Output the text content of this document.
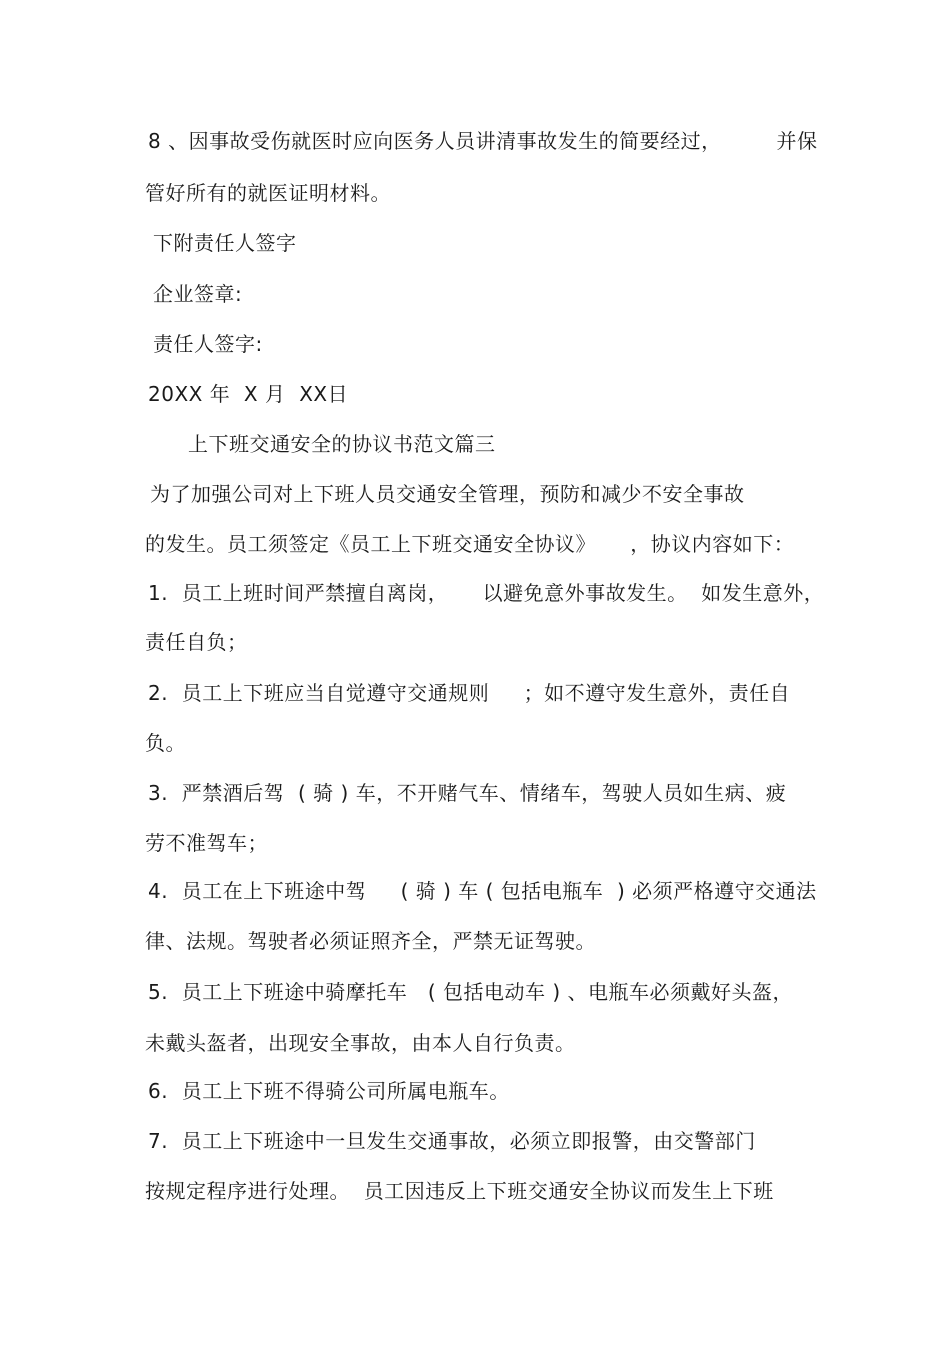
8 、因事故受伤就医时应向医务人员讲清事故发生的简要经过，        并保
管好所有的就医证明材料。
下附责任人签字
企业签章:
责任人签字:
20XX 年  X 月  XX日
上下班交通安全的协议书范文篇三
为了加强公司对上下班人员交通安全管理，预防和减少不安全事故
的发生。员工须签定《员工上下班交通安全协议》     ，协议内容如下：
1.  员工上班时间严禁擅自离岗，     以避免意外事故发生。  如发生意外，
责任自负；
2.  员工上下班应当自觉遵守交通规则     ；如不遵守发生意外，责任自
负。
3.  严禁酒后驾  ( 骑 ) 车，不开赌气车、情绪车，驾驶人员如生病、疲
劳不准驾车；
4.  员工在上下班途中驾     ( 骑 ) 车 ( 包括电瓶车  ) 必须严格遵守交通法
律、法规。驾驶者必须证照齐全，严禁无证驾驶。
5.  员工上下班途中骑摩托车   ( 包括电动车 ) 、电瓶车必须戴好头盔，
未戴头盔者，出现安全事故，由本人自行负责。
6.  员工上下班不得骑公司所属电瓶车。
7.  员工上下班途中一旦发生交通事故，必须立即报警，由交警部门
按规定程序进行处理。  员工因违反上下班交通安全协议而发生上下班
